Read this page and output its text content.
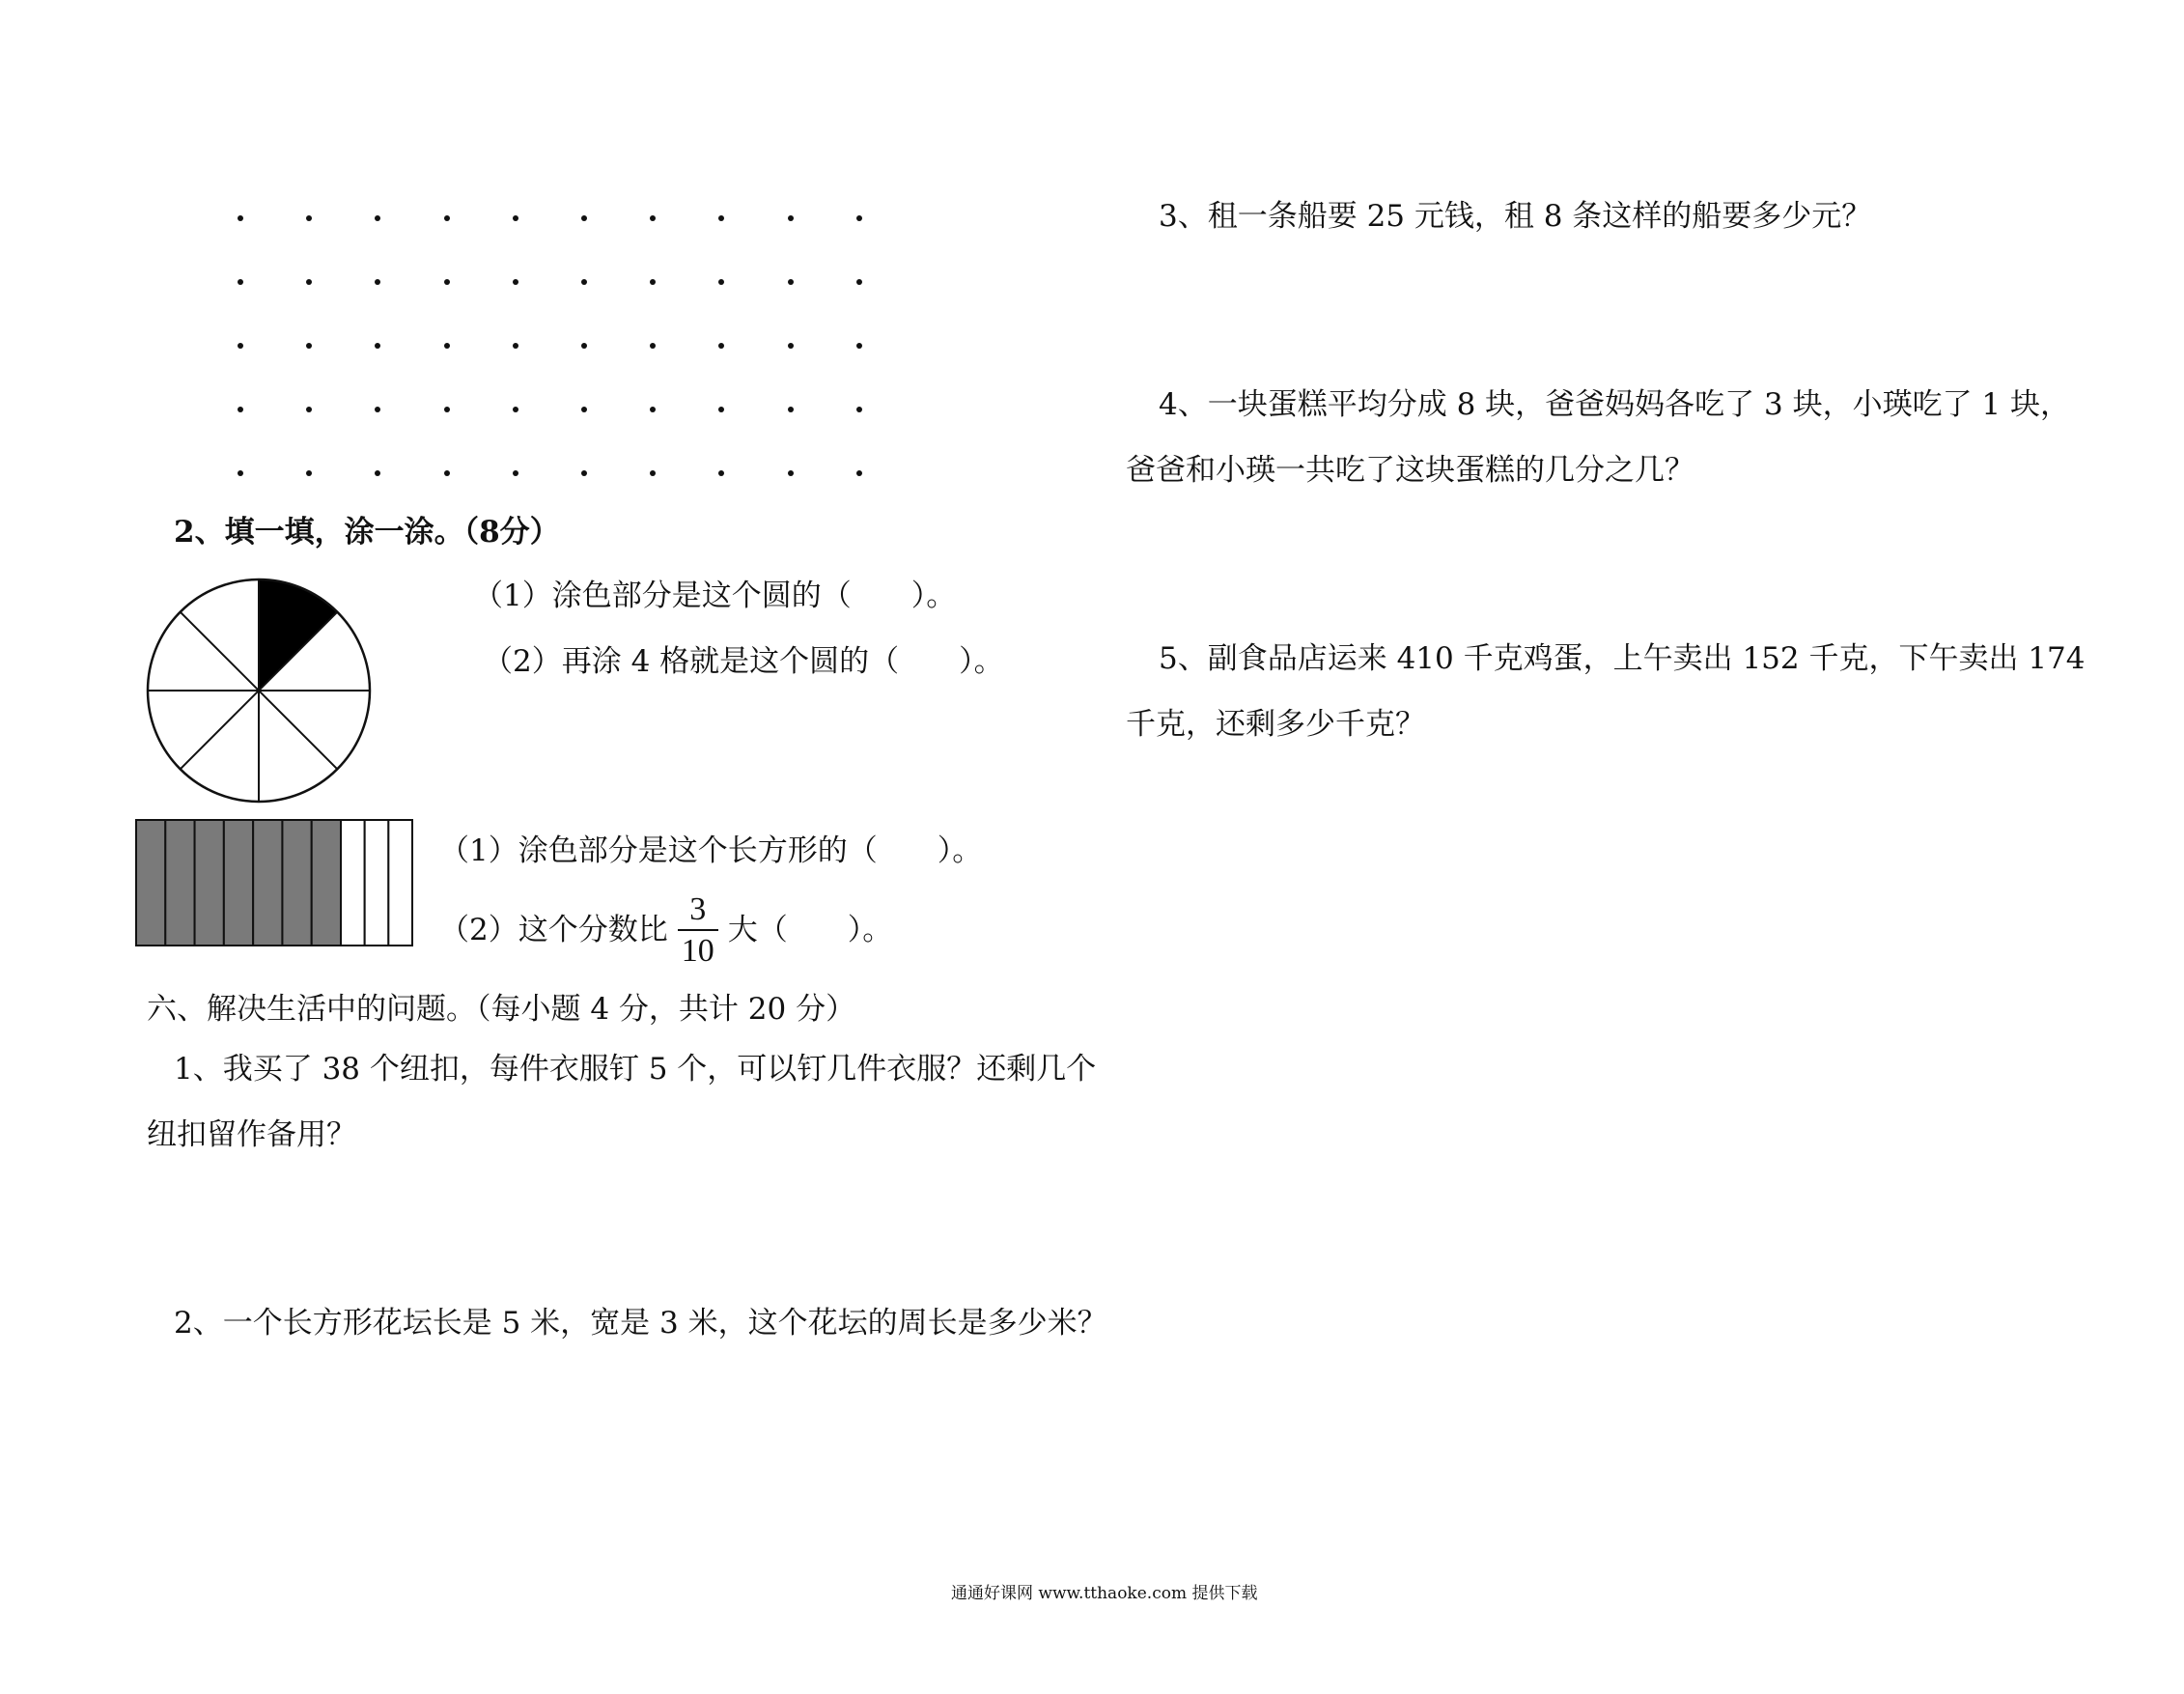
2、填一填，涂一涂。（8分）
（1）涂色部分是这个圆的（　　）。
（2）再涂 4 格就是这个圆的（　　）。
（1）涂色部分是这个长方形的（　　）。
（2）这个分数比 $\frac{3}{10}$ 大（　　）。
六、解决生活中的问题。（每小题 4 分，共计 20 分）
1、我买了 38 个纽扣，每件衣服钉 5 个，可以钉几件衣服？还剩几个
纽扣留作备用？
2、一个长方形花坛长是 5 米，宽是 3 米，这个花坛的周长是多少米？
3、租一条船要 25 元钱，租 8 条这样的船要多少元？
4、一块蛋糕平均分成 8 块，爸爸妈妈各吃了 3 块，小瑛吃了 1 块，
爸爸和小瑛一共吃了这块蛋糕的几分之几？
5、副食品店运来 410 千克鸡蛋，上午卖出 152 千克，下午卖出 174
千克，还剩多少千克？
通通好课网 www.tthaoke.com 提供下载
